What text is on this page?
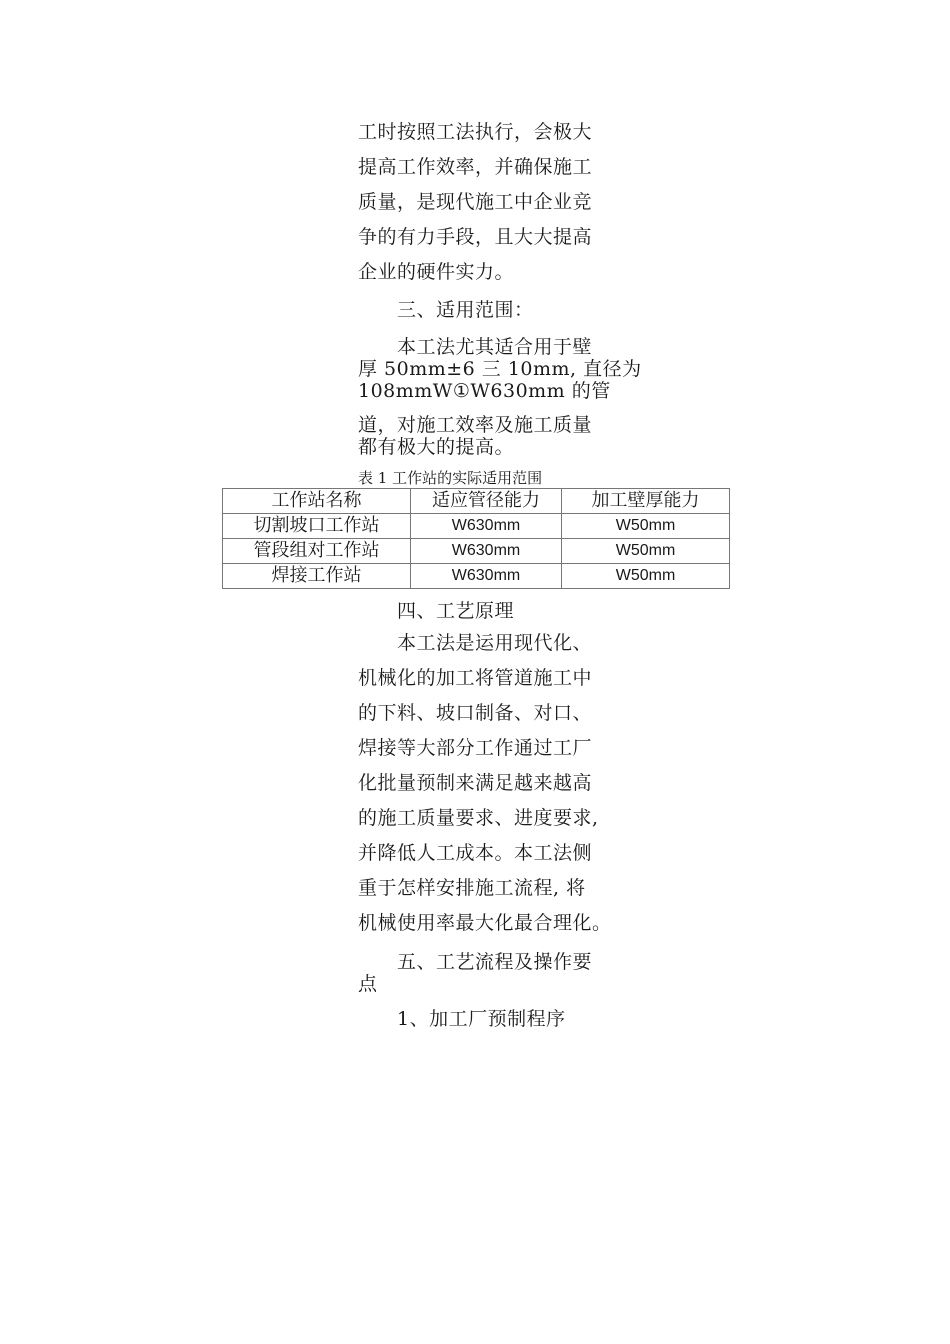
工时按照工法执行，会极大
提高工作效率，并确保施工
质量，是现代施工中企业竞
争的有力手段，且大大提高
企业的硬件实力。
三、适用范围：
本工法尤其适合用于壁
厚 50mm±6 三 10mm, 直径为
108mmW①W630mm 的管
道，对施工效率及施工质量
都有极大的提高。
表 1 工作站的实际适用范围
工作站名称	适应管径能力	加工壁厚能力
切割坡口工作站	W630mm	W50mm
管段组对工作站	W630mm	W50mm
焊接工作站	W630mm	W50mm
四、工艺原理
本工法是运用现代化、
机械化的加工将管道施工中
的下料、坡口制备、对口、
焊接等大部分工作通过工厂
化批量预制来满足越来越高
的施工质量要求、进度要求,
并降低人工成本。本工法侧
重于怎样安排施工流程, 将
机械使用率最大化最合理化。
五、工艺流程及操作要
点
1、加工厂预制程序
